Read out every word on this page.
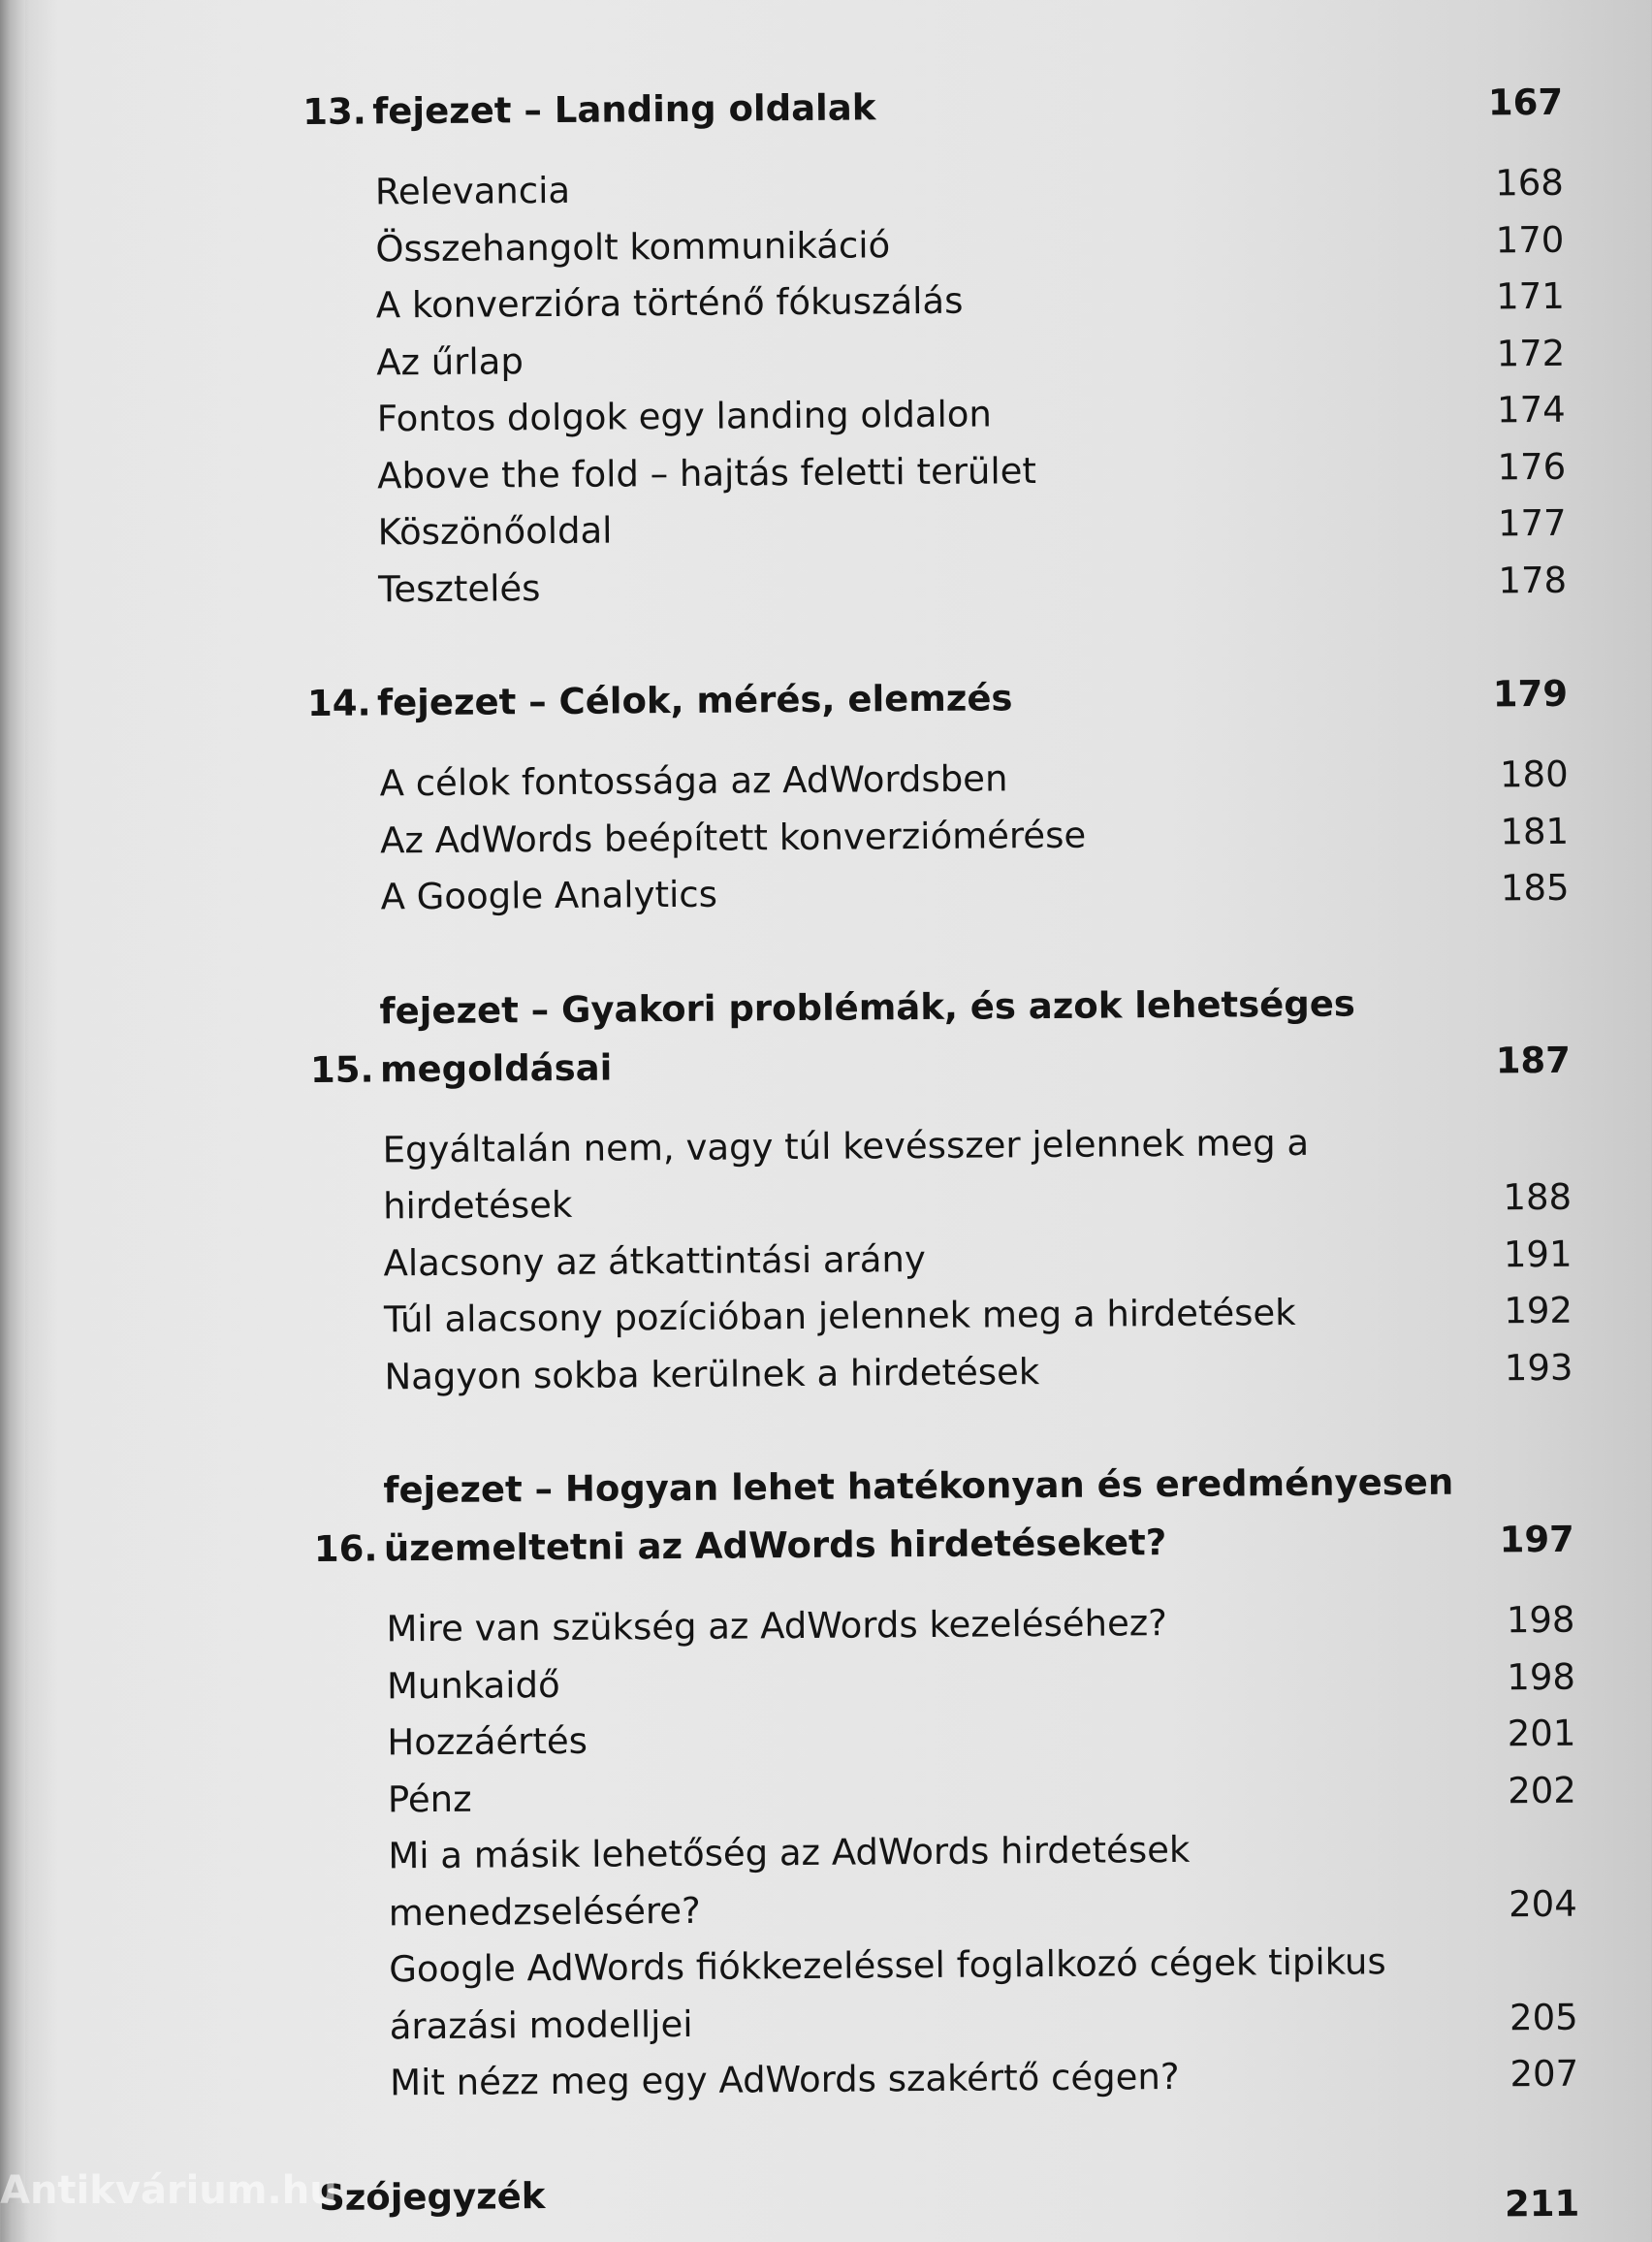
13. fejezet – Landing oldalak	167
Relevancia	168
Összehangolt kommunikáció	170
A konverzióra történő fókuszálás	171
Az űrlap	172
Fontos dolgok egy landing oldalon	174
Above the fold – hajtás feletti terület	176
Köszönőoldal	177
Tesztelés	178
14. fejezet – Célok, mérés, elemzés	179
A célok fontossága az AdWordsben	180
Az AdWords beépített konverziómérése	181
A Google Analytics	185
15.
fejezet – Gyakori problémák, és azok lehetséges megoldásai	187
Egyáltalán nem, vagy túl kevésszer jelennek meg a hirdetések	188
Alacsony az átkattintási arány	191
Túl alacsony pozícióban jelennek meg a hirdetések	192
Nagyon sokba kerülnek a hirdetések	193
16.
fejezet – Hogyan lehet hatékonyan és eredményesen
üzemeltetni az AdWords hirdetéseket?	197
Mire van szükség az AdWords kezeléséhez?	198
Munkaidő	198
Hozzáértés	201
Pénz	202
Mi a másik lehetőség az AdWords hirdetések menedzselésére?	204
Google AdWords fiókkezeléssel foglalkozó cégek tipikus
árazási modelljei	205
Mit nézz meg egy AdWords szakértő cégen?	207
Szójegyzék	211
Antikvárium.hu
